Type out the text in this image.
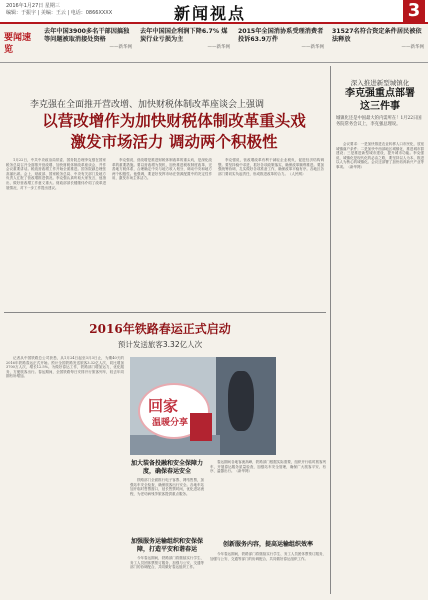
2016年1月27日 星期三
编辑：于振宇 | 美编：王云 | 电话：0866XXXX	新闻视点	3
要闻速览
去年中国3900多名干部因搞独等问题被取消接处资格
——新华网
去年中国国企利润下降6.7% 煤炭行业亏损为主
——新华网
2015年全国消协系受理消费者投诉63.9万件
——新华网
31527名符合资定条件居民被依法释放
——新华网
李克强在全面推开营改增、加快财税体制改革座谈会上强调
以营改增作为加快财税体制改革重头戏
激发市场活力 调动两个积极性

1月22日，中共中央政治局常委、国务院总理李克强在国家税务总局召开全面推开营改增、加快财税体制改革座谈会，并作会议重要讲话。税改营改增工作开始全面推进。国务院副总理张高丽出席。会上，财政部、国家税务总局、中央有关部门及地方负责人汇报了营改增推进情况。李克强认真听取大家发言，他指出，做好营改增工作意义重大。财政部部长楼继伟介绍了改革进展情况，对下一步工作提出建议。

李克强说，营改增是推进财税体制改革的重头戏，是深化改革的重要措施。要以营改增为契机，加快推进税收制度改革，完善地方税体系，合理确定中央与地方收入划分，调动中央和地方两个积极性。他强调，要更好发挥市场在资源配置中的决定性作用，激发市场主体活力。

李克强说，营改增改革有利于减轻企业税负，促进经济结构调整。要坚持稳中求进，抓好各项政策落实，确保改革顺利推进。要加强统筹协调，扎实做好各项准备工作，确保改革平稳有序。各地区各部门要切实负起责任，形成推进改革的合力。（人民网）

深入推进新型城镇化
李克强重点部署
这三件事
城镇化还是中国最大的内需所在！1月22日国务院常务会议上，李克强总理说。

会议要求：一是加快推进农业转移人口市民化，放宽城镇落户条件；二是加快中西部地区城镇化，推进城市群建设；三是推进新型城市建设，提升城市功能。李克强说，城镇化是现代化的必由之路，要坚持以人为本，推进以人为核心的城镇化。会议还部署了加快培育新兴产业等事项。（新华网）

2016年铁路春运正式启动
预计发送旅客3.32亿人次

记者从中国铁路总公司获悉，从1月24日起至3月3日止，为期40天的2016年铁路春运正式开始。预计全国铁路发送旅客3.32亿人次，同比增加3700万人次，增长12.5%。为做好春运工作，铁路部门增加运力，优化服务，方便旅客出行。春运期间，全国铁路每日安排开行旅客列车，较去年同期有所增加。

回家
温暖分享
加大装备投融和安全保障力度，确保春运安全

铁路部门全面推行电子客票、网络售票，加强站车安全检查，确保旅客出行安全。各地车站加开临时售票窗口，延长售票时间，优化进站流程，为老幼病残孕旅客提供重点服务。

加强服务运输组织和安保保障，打造平安和谐春运

今年春运期间，铁路部门将继续实行学生、务工人员团体票预订服务，加强与公安、交通等部门的协调配合，共同做好春运组织工作。

春运期间各地客流高峰，铁路部门根据实际需要，组织开行临时旅客列车，开展春运服务质量检查，加强站车安全管理，确保广大旅客平安、有序、温馨出行。（新华网）

创新服务内容，提高运输组织效率

今年春运期间，铁路部门将继续实行学生、务工人员团体票预订服务，加强与公安、交通等部门的协调配合，共同做好春运组织工作。
